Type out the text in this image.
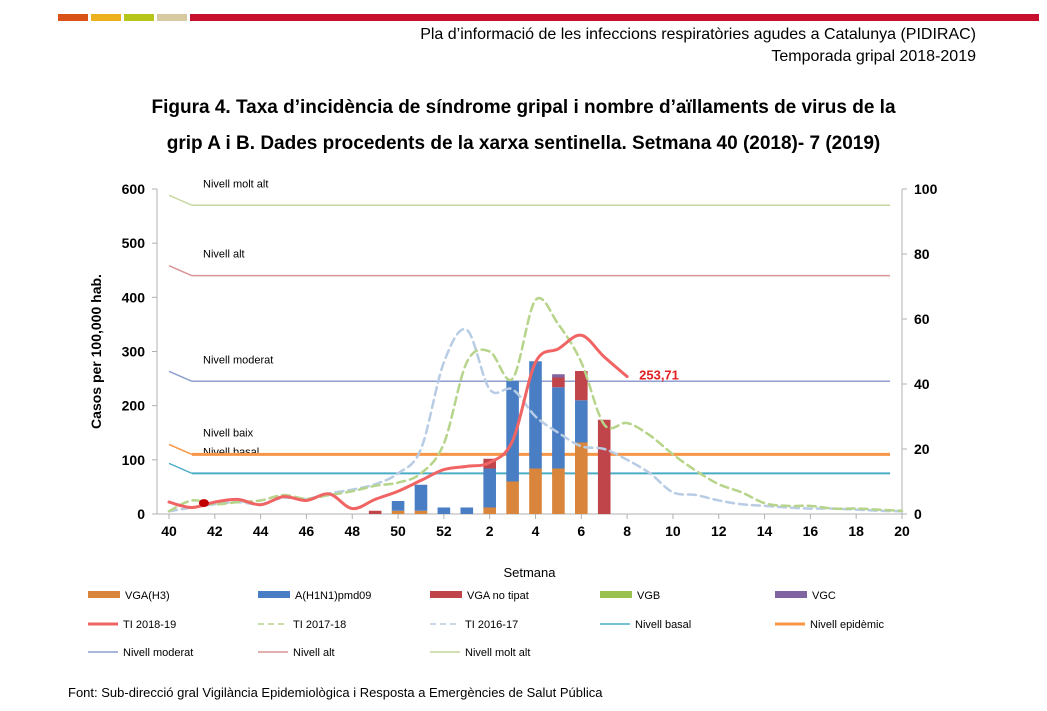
Pla d’informació de les infeccions respiratòries agudes a Catalunya (PIDIRAC)
Temporada gripal 2018-2019
Figura 4. Taxa d’incidència de síndrome gripal i nombre d’aïllaments de virus de la
grip A i B. Dades procedents de la xarxa sentinella. Setmana 40 (2018)- 7 (2019)
0
100
200
300
400
500
600
0
20
40
60
80
100
40 42 44 46 48 50 52 2	4	6	8 10 12 14 16 18 20
Casos per 100,000 hab.
Setmana
Nivell basal
Nivell baix
Nivell moderat
Nivell alt
Nivell molt alt
253,71
VGA(H3)	A(H1N1)pmd09	VGA no tipat	VGB	VGC
TI 2018-19	TI 2017-18	TI 2016-17	Nivell basal	Nivell epidèmic
Nivell moderat	Nivell alt	Nivell molt alt
Font: Sub-direcció gral Vigilància Epidemiològica i Resposta a Emergències de Salut Pública
